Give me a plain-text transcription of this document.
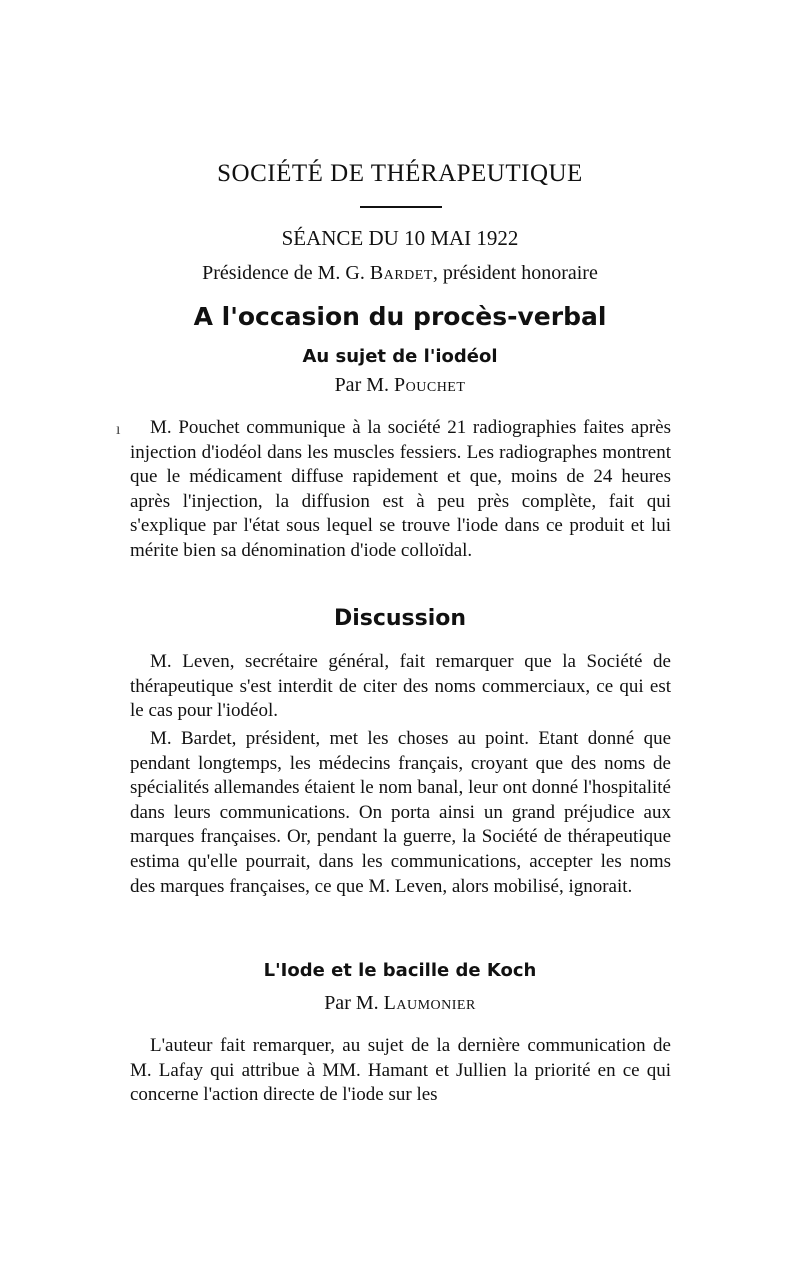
SOCIÉTÉ DE THÉRAPEUTIQUE
SÉANCE DU 10 MAI 1922
Présidence de M. G. Bardet, président honoraire
A l'occasion du procès-verbal
Au sujet de l'iodéol
Par M. Pouchet
ı	M. Pouchet communique à la société 21 radiographies faites après injection d'iodéol dans les muscles fessiers. Les radiographes montrent que le médicament diffuse rapidement et que, moins de 24 heures après l'injection, la diffusion est à peu près complète, fait qui s'explique par l'état sous lequel se trouve l'iode dans ce produit et lui mérite bien sa dénomination d'iode colloïdal.

Discussion

M. Leven, secrétaire général, fait remarquer que la Société de thérapeutique s'est interdit de citer des noms commerciaux, ce qui est le cas pour l'iodéol.

M. Bardet, président, met les choses au point. Etant donné que pendant longtemps, les médecins français, croyant que des noms de spécialités allemandes étaient le nom banal, leur ont donné l'hospitalité dans leurs communications. On porta ainsi un grand préjudice aux marques françaises. Or, pendant la guerre, la Société de thérapeutique estima qu'elle pourrait, dans les communications, accepter les noms des marques françaises, ce que M. Leven, alors mobilisé, ignorait.

L'Iode et le bacille de Koch
Par M. Laumonier

L'auteur fait remarquer, au sujet de la dernière communication de M. Lafay qui attribue à MM. Hamant et Jullien la priorité en ce qui concerne l'action directe de l'iode sur les
